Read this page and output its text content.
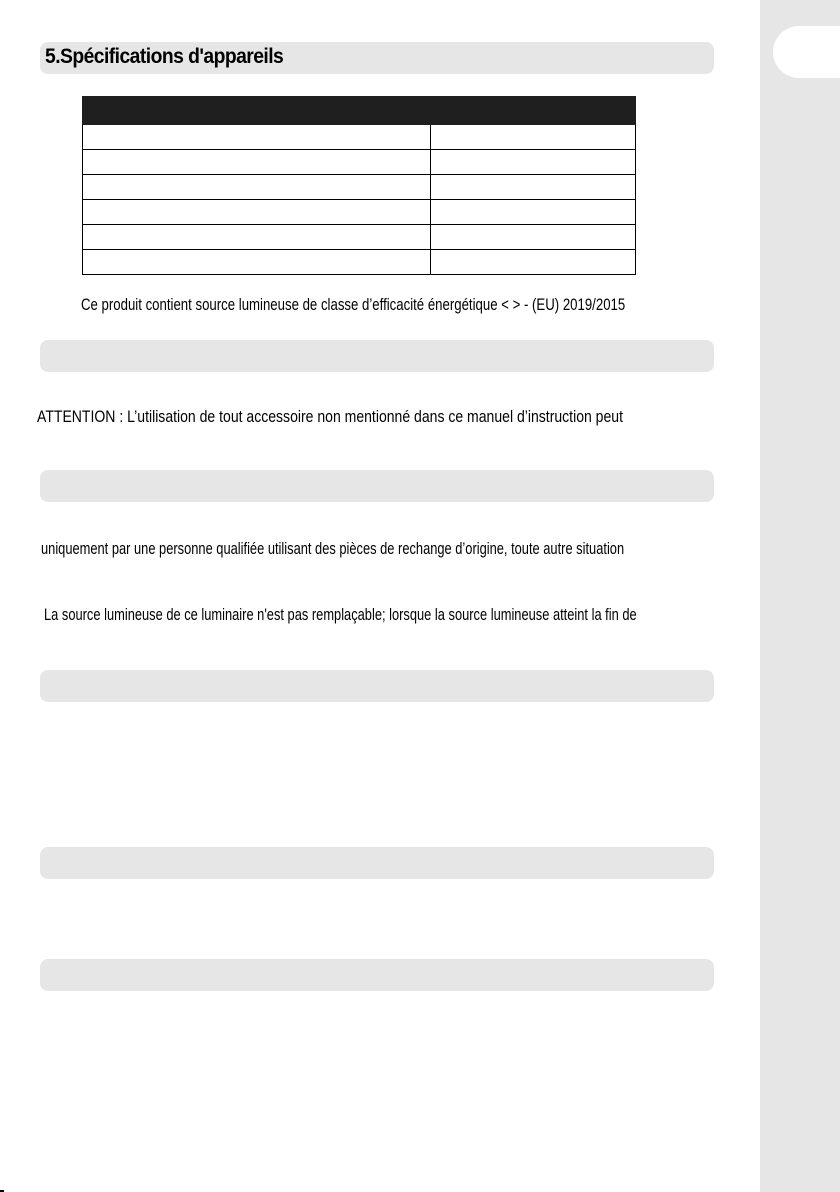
5.Spécifications d'appareils

Ce produit contient source lumineuse de classe d’efficacité énergétique < > - (EU) 2019/2015
ATTENTION : L’utilisation de tout accessoire non mentionné dans ce manuel d’instruction peut
uniquement par une personne qualifiée utilisant des pièces de rechange d’origine, toute autre situation
La source lumineuse de ce luminaire n'est pas remplaçable; lorsque la source lumineuse atteint la fin de
